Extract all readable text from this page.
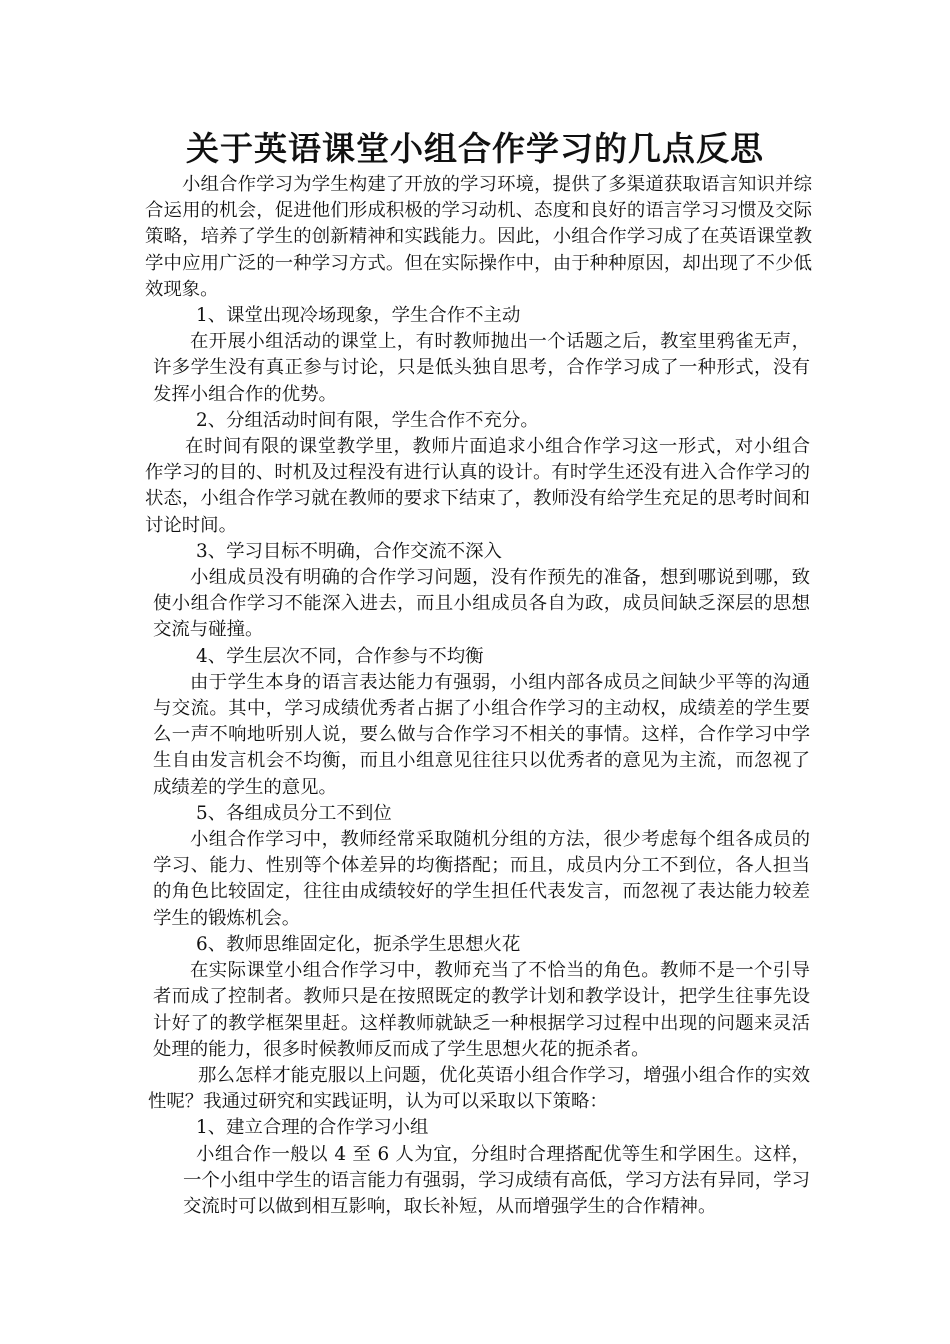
关于英语课堂小组合作学习的几点反思

小组合作学习为学生构建了开放的学习环境，提供了多渠道获取语言知识并综合运用的机会，促进他们形成积极的学习动机、态度和良好的语言学习习惯及交际策略，培养了学生的创新精神和实践能力。因此，小组合作学习成了在英语课堂教学中应用广泛的一种学习方式。但在实际操作中，由于种种原因，却出现了不少低效现象。

1、课堂出现冷场现象，学生合作不主动

在开展小组活动的课堂上，有时教师抛出一个话题之后，教室里鸦雀无声，许多学生没有真正参与讨论，只是低头独自思考，合作学习成了一种形式，没有发挥小组合作的优势。

2、分组活动时间有限，学生合作不充分。

在时间有限的课堂教学里，教师片面追求小组合作学习这一形式，对小组合作学习的目的、时机及过程没有进行认真的设计。有时学生还没有进入合作学习的状态，小组合作学习就在教师的要求下结束了，教师没有给学生充足的思考时间和讨论时间。

3、学习目标不明确，合作交流不深入

小组成员没有明确的合作学习问题，没有作预先的准备，想到哪说到哪，致使小组合作学习不能深入进去，而且小组成员各自为政，成员间缺乏深层的思想交流与碰撞。

4、学生层次不同，合作参与不均衡

由于学生本身的语言表达能力有强弱，小组内部各成员之间缺少平等的沟通与交流。其中，学习成绩优秀者占据了小组合作学习的主动权，成绩差的学生要么一声不响地听别人说，要么做与合作学习不相关的事情。这样，合作学习中学生自由发言机会不均衡，而且小组意见往往只以优秀者的意见为主流，而忽视了成绩差的学生的意见。

5、各组成员分工不到位

小组合作学习中，教师经常采取随机分组的方法，很少考虑每个组各成员的学习、能力、性别等个体差异的均衡搭配；而且，成员内分工不到位，各人担当的角色比较固定，往往由成绩较好的学生担任代表发言，而忽视了表达能力较差学生的锻炼机会。

6、教师思维固定化，扼杀学生思想火花

在实际课堂小组合作学习中，教师充当了不恰当的角色。教师不是一个引导者而成了控制者。教师只是在按照既定的教学计划和教学设计，把学生往事先设计好了的教学框架里赶。这样教师就缺乏一种根据学习过程中出现的问题来灵活处理的能力，很多时候教师反而成了学生思想火花的扼杀者。

那么怎样才能克服以上问题，优化英语小组合作学习，增强小组合作的实效性呢？我通过研究和实践证明，认为可以采取以下策略：

1、建立合理的合作学习小组

小组合作一般以 4 至 6 人为宜，分组时合理搭配优等生和学困生。这样，一个小组中学生的语言能力有强弱，学习成绩有高低，学习方法有异同，学习交流时可以做到相互影响，取长补短，从而增强学生的合作精神。
